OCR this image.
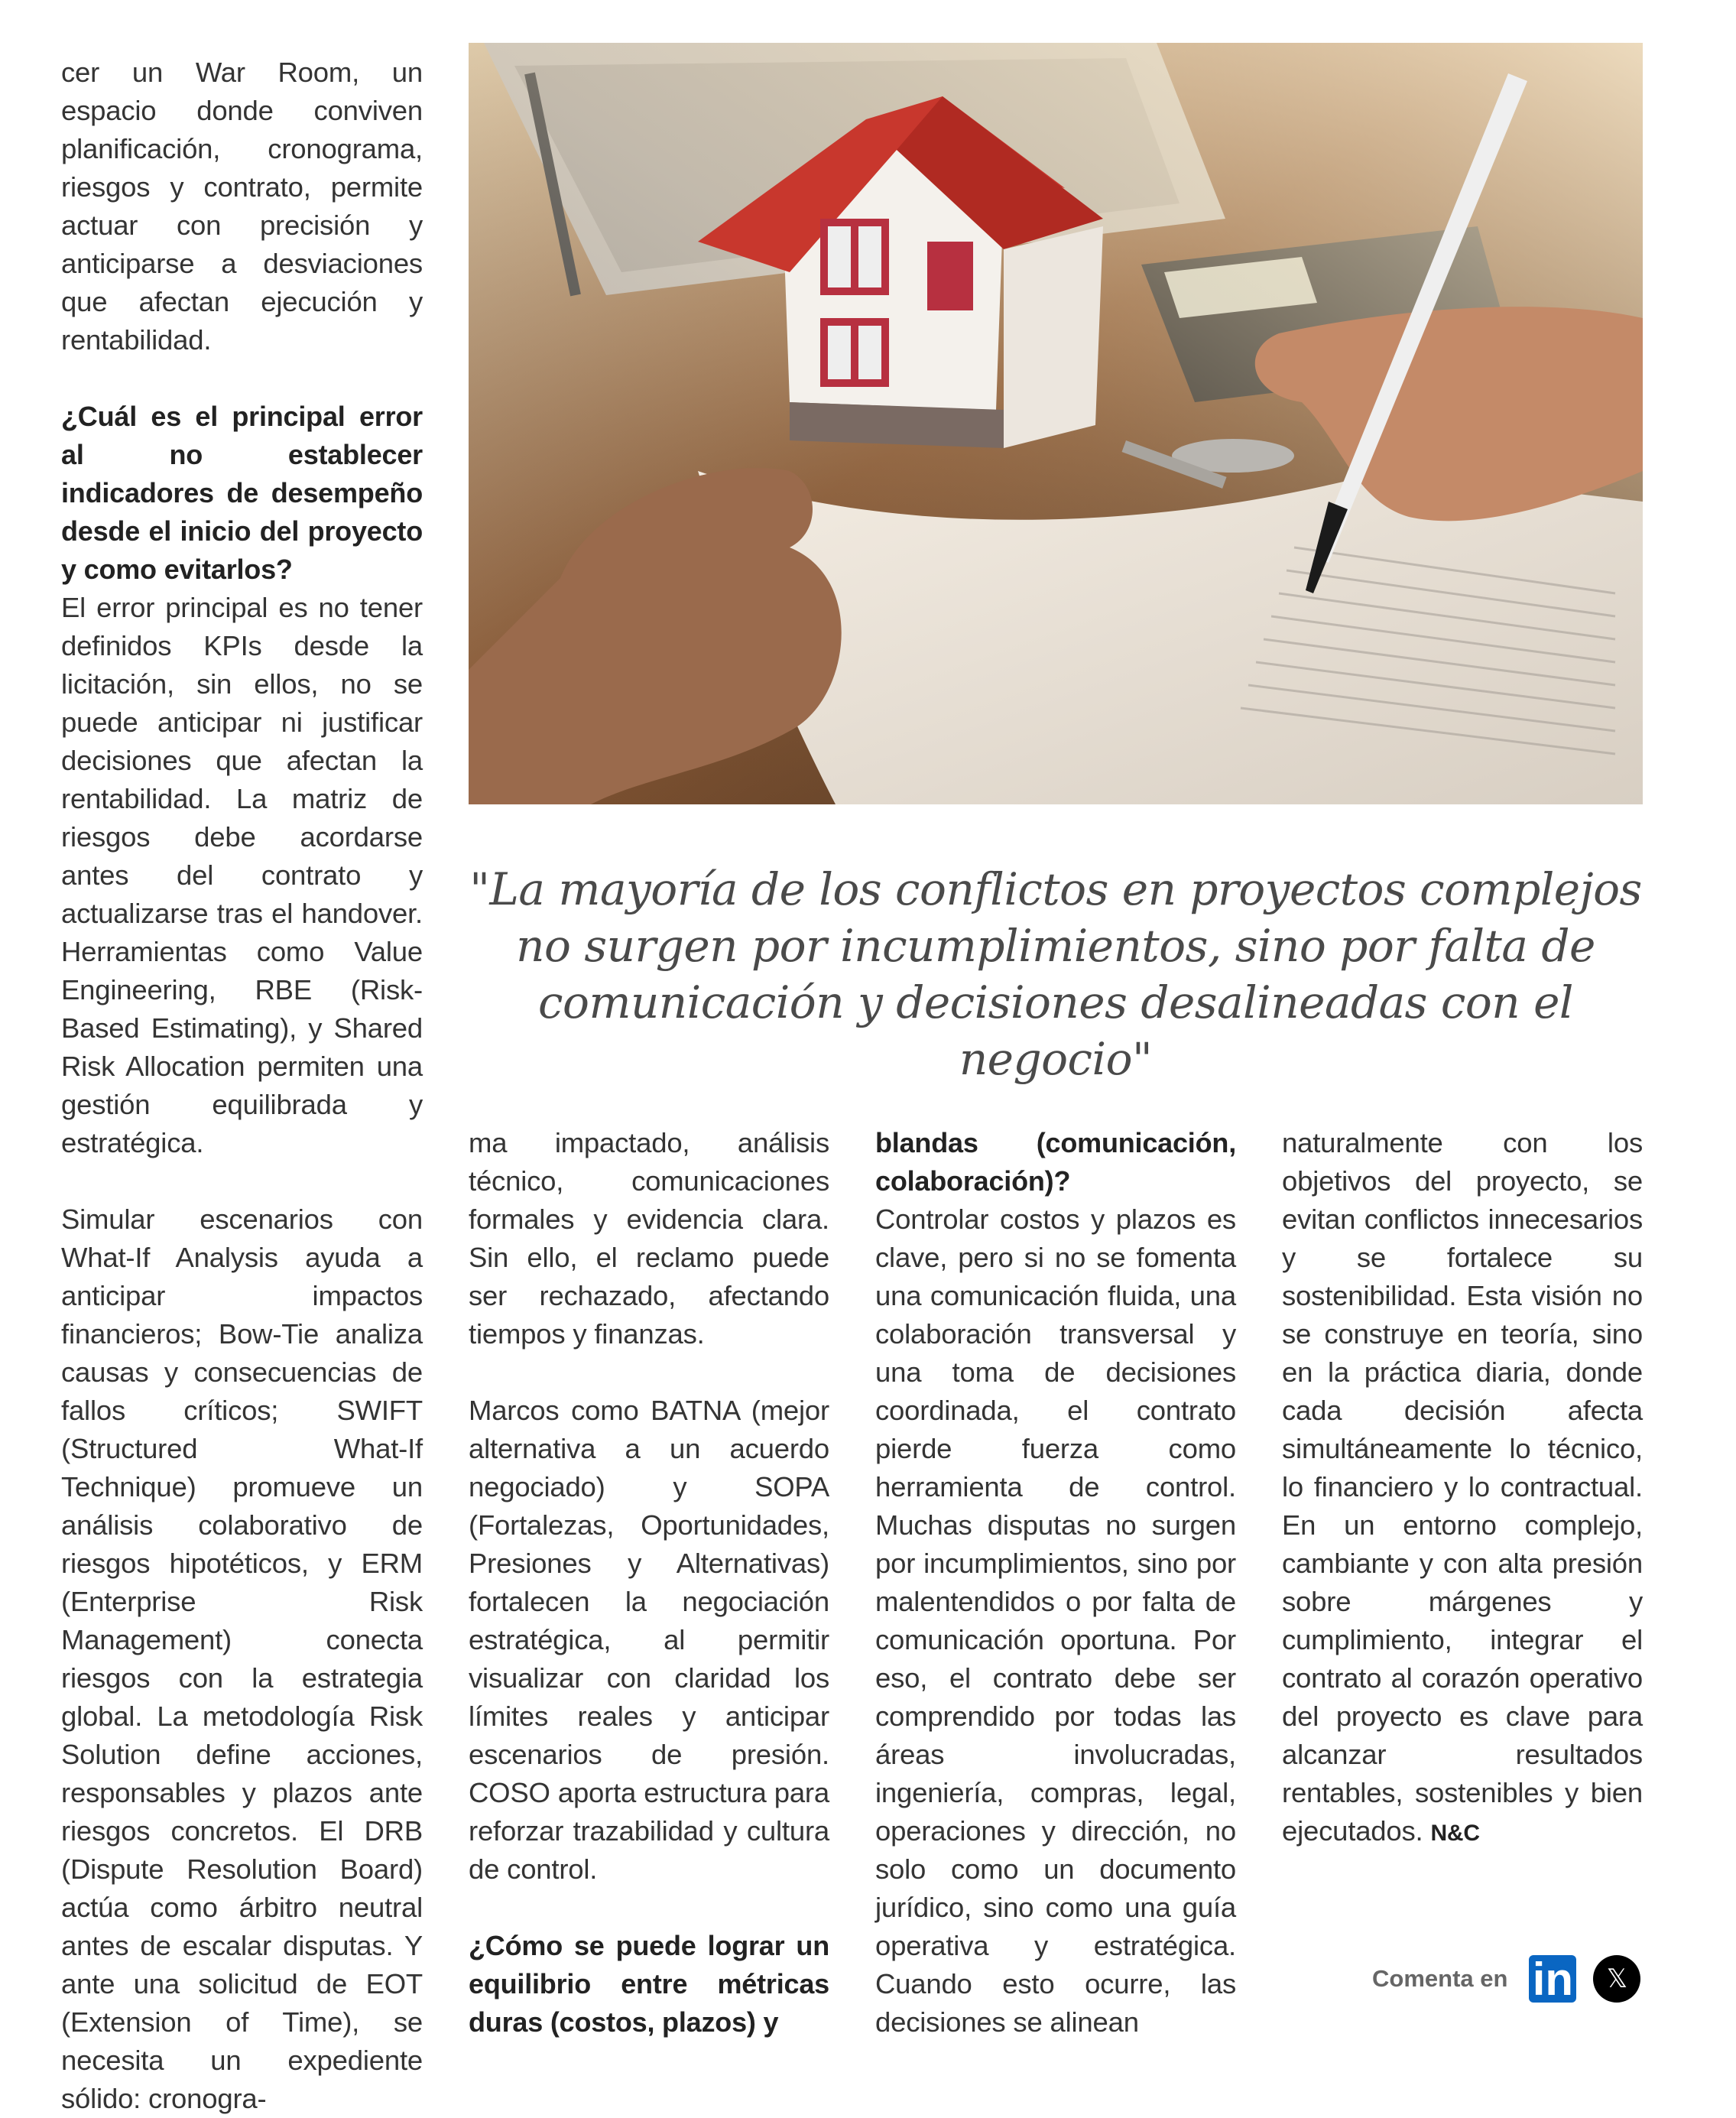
cer un War Room, un espacio donde conviven planificación, cronograma, riesgos y contrato, permite actuar con precisión y anticiparse a desviaciones que afectan ejecución y rentabilidad.

¿Cuál es el principal error al no establecer indicadores de desempeño desde el inicio del proyecto y como evitarlos?

El error principal es no tener definidos KPIs desde la licitación, sin ellos, no se puede anticipar ni justificar decisiones que afectan la rentabilidad. La matriz de riesgos debe acordarse antes del contrato y actualizarse tras el handover. Herramientas como Value Engineering, RBE (Risk-Based Estimating), y Shared Risk Allocation permiten una gestión equilibrada y estratégica.

Simular escenarios con What-If Analysis ayuda a anticipar impactos financieros; Bow-Tie analiza causas y consecuencias de fallos críticos; SWIFT (Structured What-If Technique) promueve un análisis colaborativo de riesgos hipotéticos, y ERM (Enterprise Risk Management) conecta riesgos con la estrategia global. La metodología Risk Solution define acciones, responsables y plazos ante riesgos concretos. El DRB (Dispute Resolution Board) actúa como árbitro neutral antes de escalar disputas. Y ante una solicitud de EOT (Extension of Time), se necesita un expediente sólido: cronogra-

"La mayoría de los conflictos en proyectos complejos no surgen por incumplimientos, sino por falta de comunicación y decisiones desalineadas con el negocio"

ma impactado, análisis técnico, comunicaciones formales y evidencia clara. Sin ello, el reclamo puede ser rechazado, afectando tiempos y finanzas.

Marcos como BATNA (mejor alternativa a un acuerdo negociado) y SOPA (Fortalezas, Oportunidades, Presiones y Alternativas) fortalecen la negociación estratégica, al permitir visualizar con claridad los límites reales y anticipar escenarios de presión. COSO aporta estructura para reforzar trazabilidad y cultura de control.

¿Cómo se puede lograr un equilibrio entre métricas duras (costos, plazos) y
blandas (comunicación, colaboración)?

Controlar costos y plazos es clave, pero si no se fomenta una comunicación fluida, una colaboración transversal y una toma de decisiones coordinada, el contrato pierde fuerza como herramienta de control. Muchas disputas no surgen por incumplimientos, sino por malentendidos o por falta de comunicación oportuna. Por eso, el contrato debe ser comprendido por todas las áreas involucradas, ingeniería, compras, legal, operaciones y dirección, no solo como un documento jurídico, sino como una guía operativa y estratégica. Cuando esto ocurre, las decisiones se alinean

naturalmente con los objetivos del proyecto, se evitan conflictos innecesarios y se fortalece su sostenibilidad. Esta visión no se construye en teoría, sino en la práctica diaria, donde cada decisión afecta simultáneamente lo técnico, lo financiero y lo contractual. En un entorno complejo, cambiante y con alta presión sobre márgenes y cumplimiento, integrar el contrato al corazón operativo del proyecto es clave para alcanzar resultados rentables, sostenibles y bien ejecutados. N&C

Comenta en in 𝕏
